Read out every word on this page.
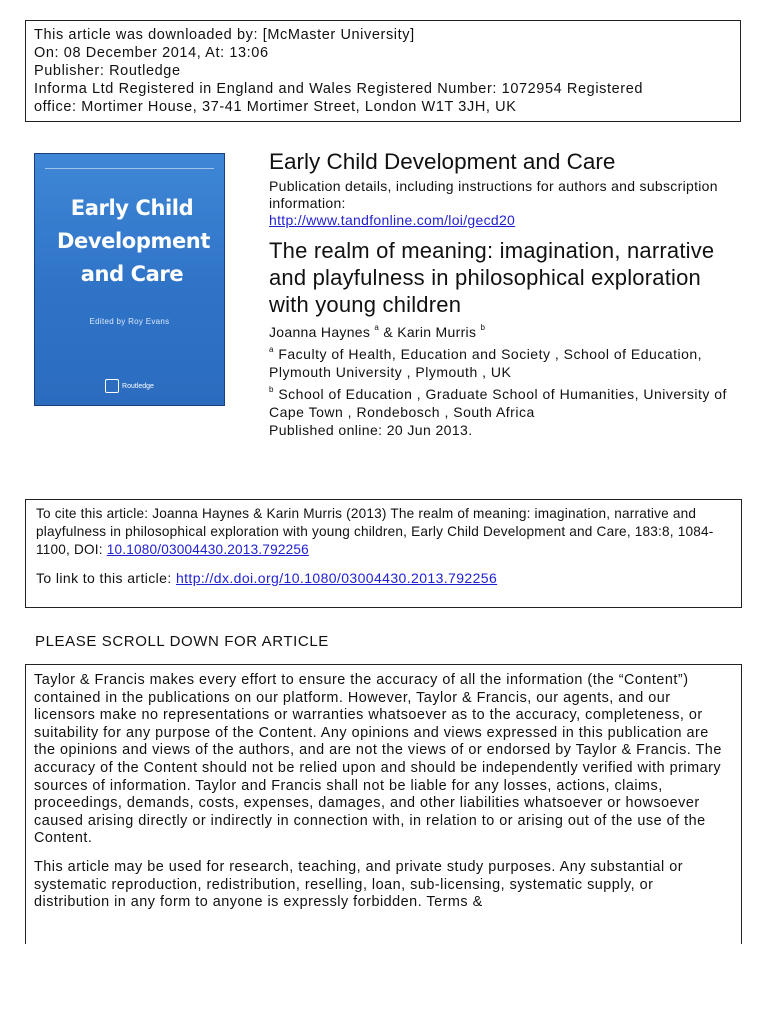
This article was downloaded by: [McMaster University]
On: 08 December 2014, At: 13:06
Publisher: Routledge
Informa Ltd Registered in England and Wales Registered Number: 1072954 Registered
office: Mortimer House, 37-41 Mortimer Street, London W1T 3JH, UK
Early Child
Development
and Care
Edited by Roy Evans
Routledge
Early Child Development and Care
Publication details, including instructions for authors and subscription information:
http://www.tandfonline.com/loi/gecd20
The realm of meaning: imagination, narrative and playfulness in philosophical exploration with young children
Joanna Haynes $^a$ & Karin Murris $^b$
$^a$ Faculty of Health, Education and Society , School of Education, Plymouth University , Plymouth , UK
$^b$ School of Education , Graduate School of Humanities, University of Cape Town , Rondebosch , South Africa
Published online: 20 Jun 2013.
To cite this article: Joanna Haynes & Karin Murris (2013) The realm of meaning: imagination, narrative and playfulness in philosophical exploration with young children, Early Child Development and Care, 183:8, 1084-1100, DOI: 10.1080/03004430.2013.792256
To link to this article: http://dx.doi.org/10.1080/03004430.2013.792256
PLEASE SCROLL DOWN FOR ARTICLE

Taylor & Francis makes every effort to ensure the accuracy of all the information (the “Content”) contained in the publications on our platform. However, Taylor & Francis, our agents, and our licensors make no representations or warranties whatsoever as to the accuracy, completeness, or suitability for any purpose of the Content. Any opinions and views expressed in this publication are the opinions and views of the authors, and are not the views of or endorsed by Taylor & Francis. The accuracy of the Content should not be relied upon and should be independently verified with primary sources of information. Taylor and Francis shall not be liable for any losses, actions, claims, proceedings, demands, costs, expenses, damages, and other liabilities whatsoever or howsoever caused arising directly or indirectly in connection with, in relation to or arising out of the use of the Content.

This article may be used for research, teaching, and private study purposes. Any substantial or systematic reproduction, redistribution, reselling, loan, sub-licensing, systematic supply, or distribution in any form to anyone is expressly forbidden. Terms &
